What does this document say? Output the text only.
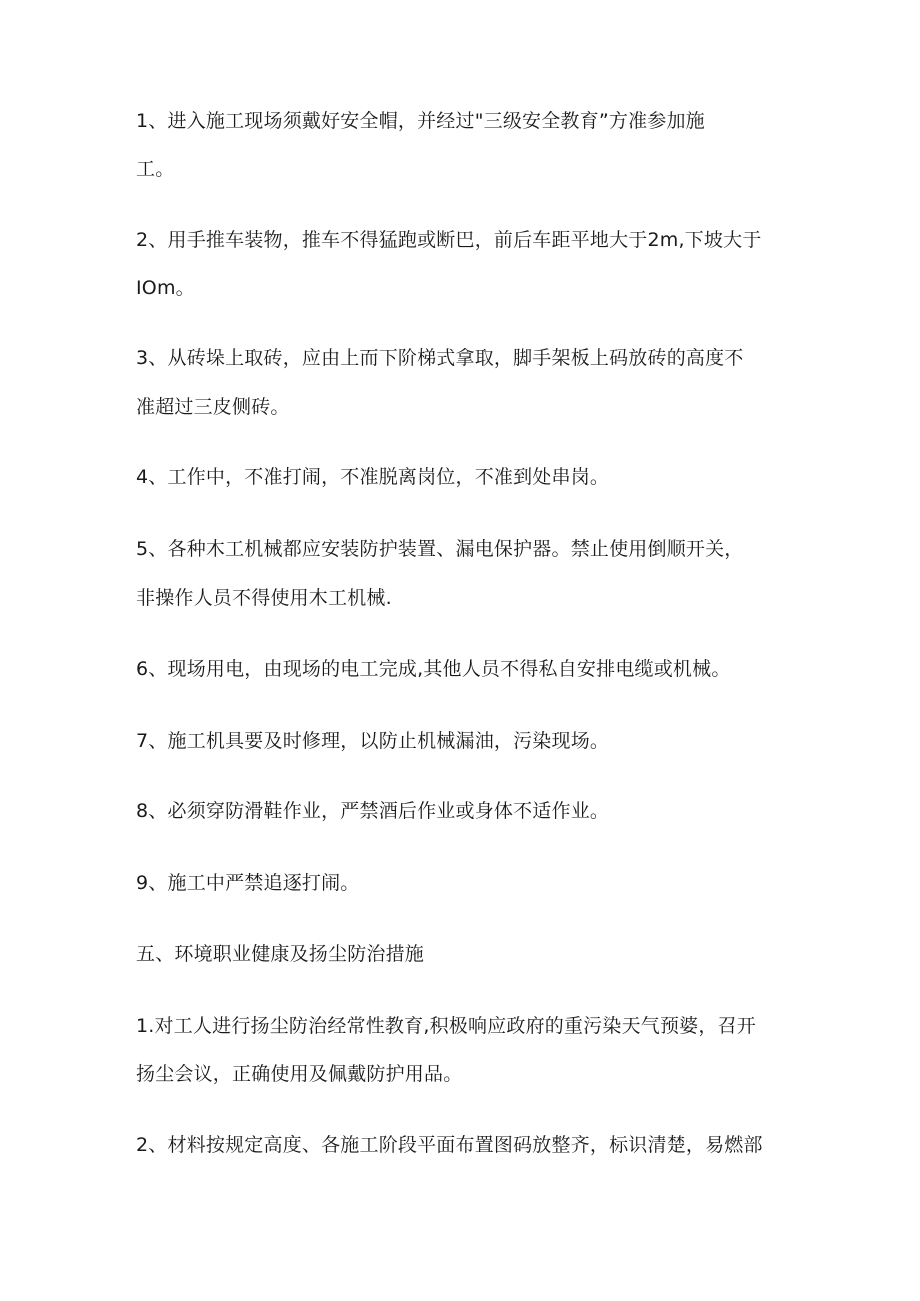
1、进入施工现场须戴好安全帽，并经过"三级安全教育”方准参加施
工。
2、用手推车装物，推车不得猛跑或断巴，前后车距平地大于2m,下坡大于
IOm。
3、从砖垛上取砖，应由上而下阶梯式拿取，脚手架板上码放砖的高度不
准超过三皮侧砖。
4、工作中，不准打闹，不准脱离岗位，不准到处串岗。
5、各种木工机械都应安装防护装置、漏电保护器。禁止使用倒顺开关，
非操作人员不得使用木工机械.
6、现场用电，由现场的电工完成,其他人员不得私自安排电缆或机械。
7、施工机具要及时修理，以防止机械漏油，污染现场。
8、必须穿防滑鞋作业，严禁酒后作业或身体不适作业。
9、施工中严禁追逐打闹。
五、环境职业健康及扬尘防治措施
1.对工人进行扬尘防治经常性教育,积极响应政府的重污染天气预婆，召开
扬尘会议，正确使用及佩戴防护用品。
2、材料按规定高度、各施工阶段平面布置图码放整齐，标识清楚，易燃部
